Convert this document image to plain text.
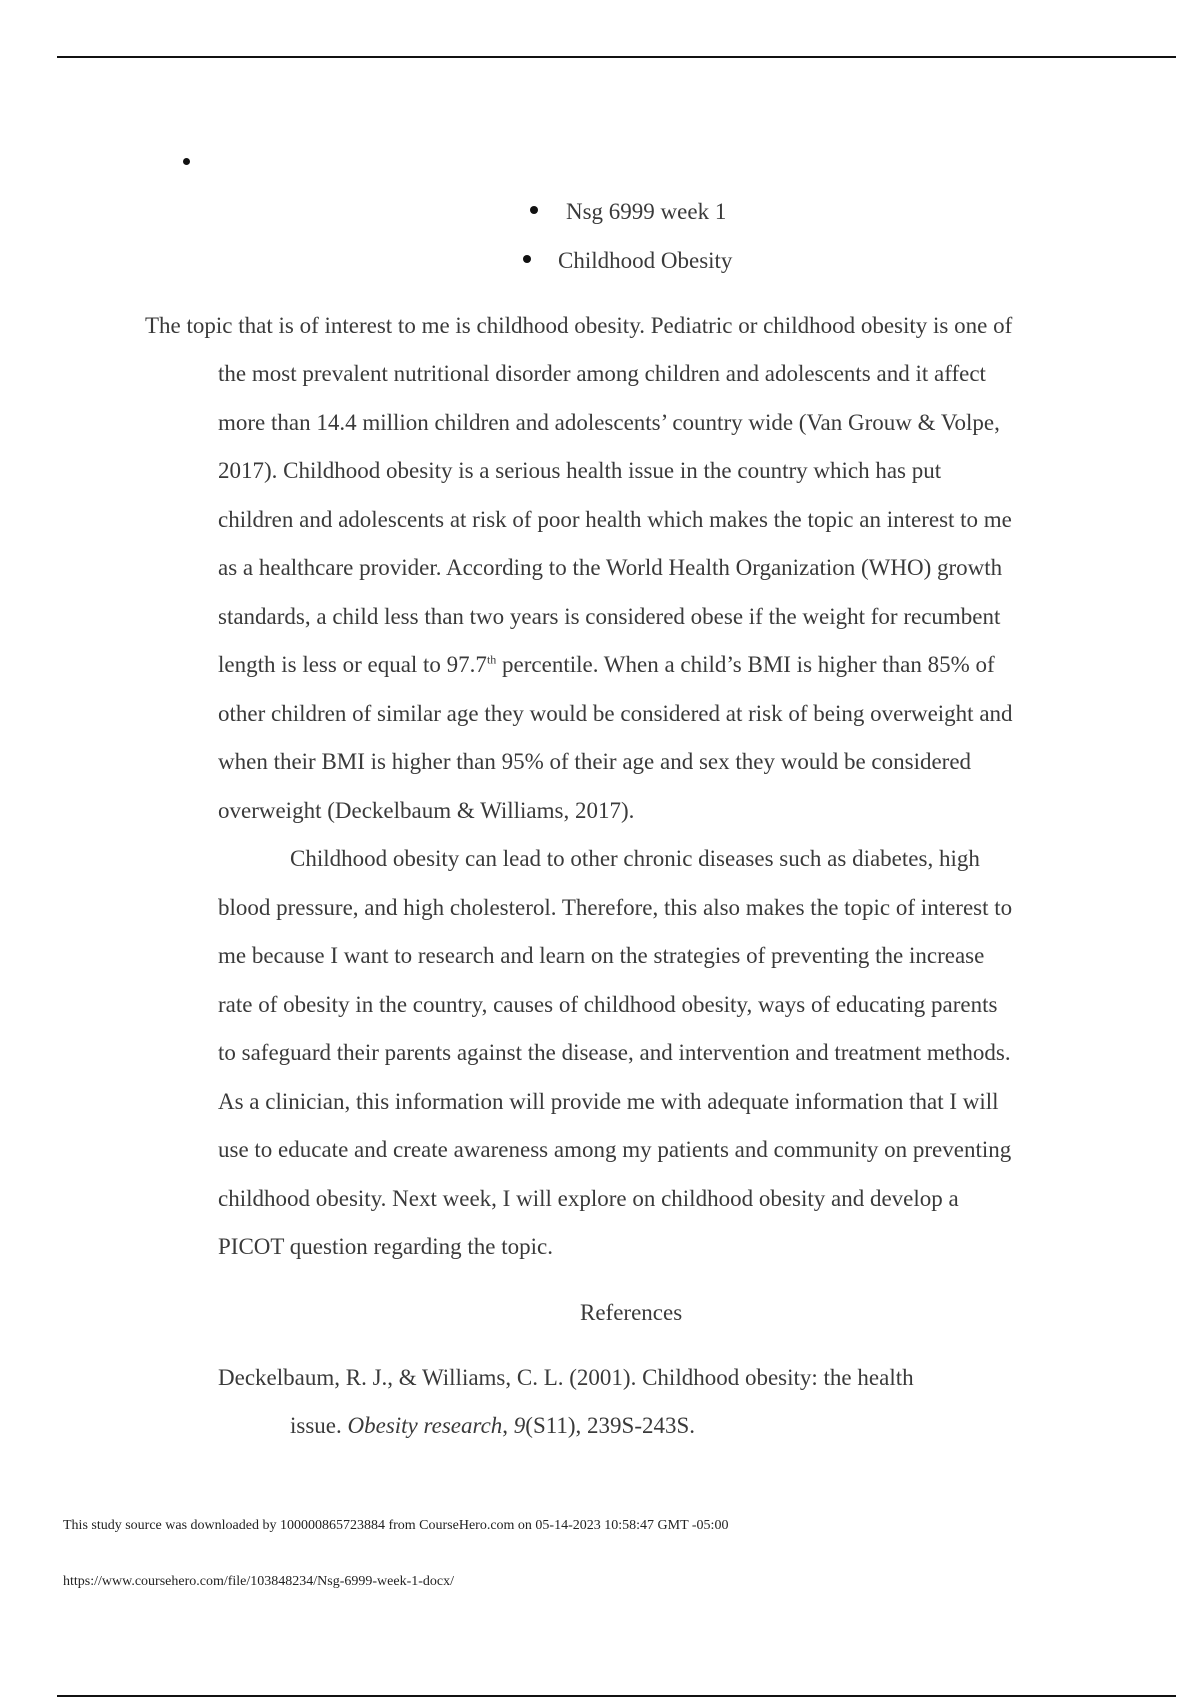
Nsg 6999 week 1
Childhood Obesity
The topic that is of interest to me is childhood obesity. Pediatric or childhood obesity is one of
the most prevalent nutritional disorder among children and adolescents and it affect
more than 14.4 million children and adolescents’ country wide (Van Grouw & Volpe,
2017). Childhood obesity is a serious health issue in the country which has put
children and adolescents at risk of poor health which makes the topic an interest to me
as a healthcare provider. According to the World Health Organization (WHO) growth
standards, a child less than two years is considered obese if the weight for recumbent
length is less or equal to 97.7th percentile. When a child’s BMI is higher than 85% of
other children of similar age they would be considered at risk of being overweight and
when their BMI is higher than 95% of their age and sex they would be considered
overweight (Deckelbaum & Williams, 2017).
Childhood obesity can lead to other chronic diseases such as diabetes, high
blood pressure, and high cholesterol. Therefore, this also makes the topic of interest to
me because I want to research and learn on the strategies of preventing the increase
rate of obesity in the country, causes of childhood obesity, ways of educating parents
to safeguard their parents against the disease, and intervention and treatment methods.
As a clinician, this information will provide me with adequate information that I will
use to educate and create awareness among my patients and community on preventing
childhood obesity. Next week, I will explore on childhood obesity and develop a
PICOT question regarding the topic.
References
Deckelbaum, R. J., & Williams, C. L. (2001). Childhood obesity: the health
issue. Obesity research, 9(S11), 239S-243S.
This study source was downloaded by 100000865723884 from CourseHero.com on 05-14-2023 10:58:47 GMT -05:00
https://www.coursehero.com/file/103848234/Nsg-6999-week-1-docx/
